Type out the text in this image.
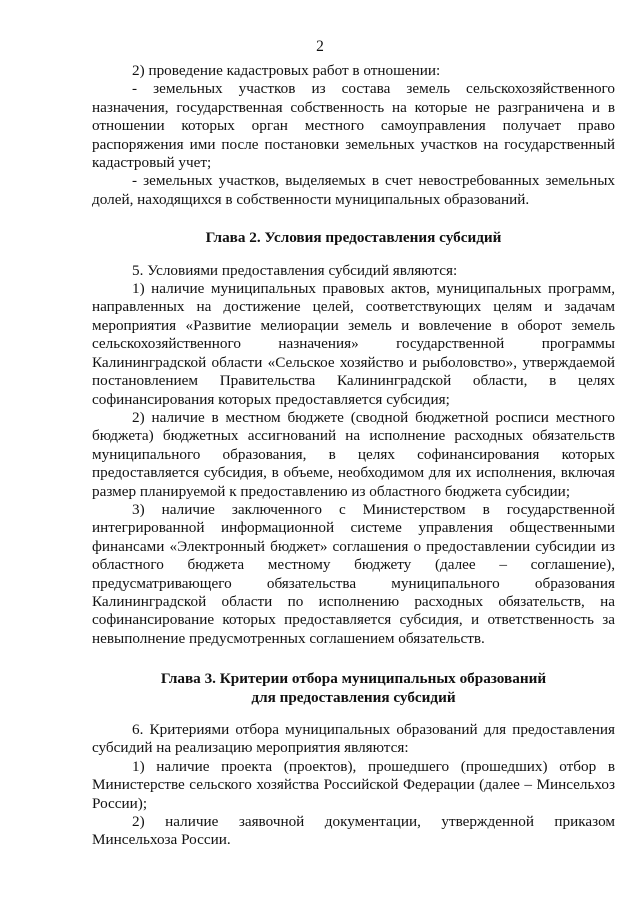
2

2) проведение кадастровых работ в отношении:

- земельных участков из состава земель сельскохозяйственного назначения, государственная собственность на которые не разграничена и в отношении которых орган местного самоуправления получает право распоряжения ими после постановки земельных участков на государственный кадастровый учет;

- земельных участков, выделяемых в счет невостребованных земельных долей, находящихся в собственности муниципальных образований.

Глава 2. Условия предоставления субсидий

5. Условиями предоставления субсидий являются:

1) наличие муниципальных правовых актов, муниципальных программ, направленных на достижение целей, соответствующих целям и задачам мероприятия «Развитие мелиорации земель и вовлечение в оборот земель сельскохозяйственного назначения» государственной программы Калининградской области «Сельское хозяйство и рыболовство», утверждаемой постановлением Правительства Калининградской области, в целях софинансирования которых предоставляется субсидия;

2) наличие в местном бюджете (сводной бюджетной росписи местного бюджета) бюджетных ассигнований на исполнение расходных обязательств муниципального образования, в целях софинансирования которых предоставляется субсидия, в объеме, необходимом для их исполнения, включая размер планируемой к предоставлению из областного бюджета субсидии;

3) наличие заключенного с Министерством в государственной интегрированной информационной системе управления общественными финансами «Электронный бюджет» соглашения о предоставлении субсидии из областного бюджета местному бюджету (далее – соглашение), предусматривающего обязательства муниципального образования Калининградской области по исполнению расходных обязательств, на софинансирование которых предоставляется субсидия, и ответственность за невыполнение предусмотренных соглашением обязательств.

Глава 3. Критерии отбора муниципальных образований
для предоставления субсидий

6. Критериями отбора муниципальных образований для предоставления субсидий на реализацию мероприятия являются:

1) наличие проекта (проектов), прошедшего (прошедших) отбор в Министерстве сельского хозяйства Российской Федерации (далее – Минсельхоз России);

2) наличие заявочной документации, утвержденной приказом Минсельхоза России.
